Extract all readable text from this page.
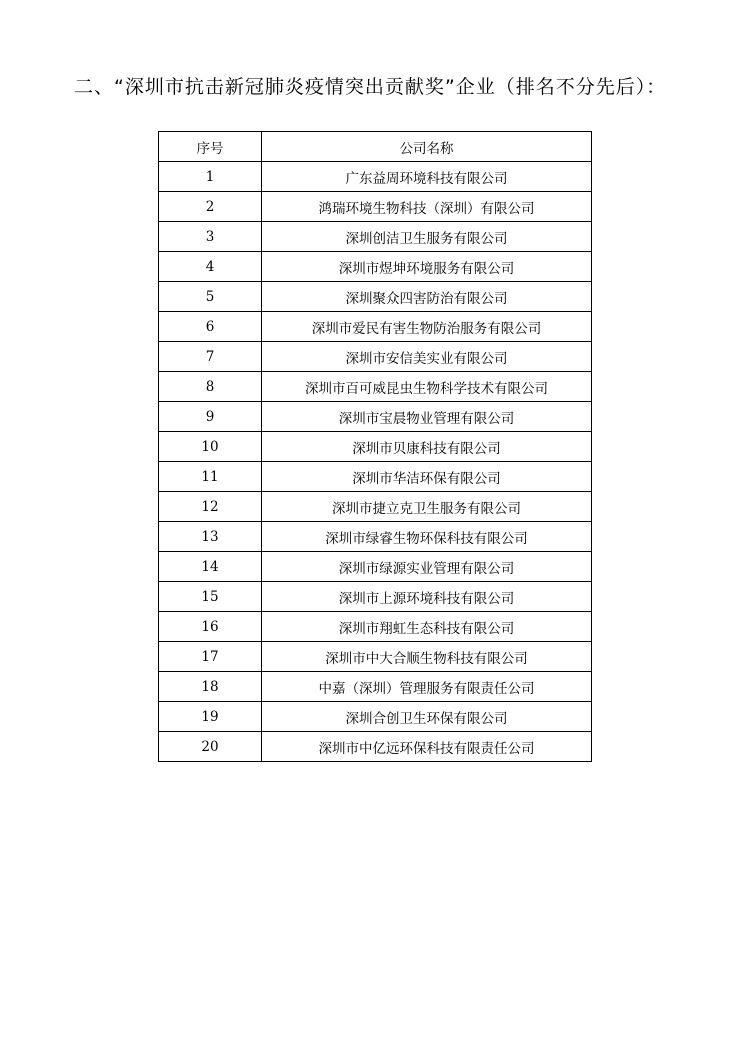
二、“深圳市抗击新冠肺炎疫情突出贡献奖”企业（排名不分先后）：
序号	公司名称
1	广东益周环境科技有限公司
2	鸿瑞环境生物科技（深圳）有限公司
3	深圳创洁卫生服务有限公司
4	深圳市煜坤环境服务有限公司
5	深圳聚众四害防治有限公司
6	深圳市爱民有害生物防治服务有限公司
7	深圳市安信美实业有限公司
8	深圳市百可威昆虫生物科学技术有限公司
9	深圳市宝晨物业管理有限公司
10	深圳市贝康科技有限公司
11	深圳市华洁环保有限公司
12	深圳市捷立克卫生服务有限公司
13	深圳市绿睿生物环保科技有限公司
14	深圳市绿源实业管理有限公司
15	深圳市上源环境科技有限公司
16	深圳市翔虹生态科技有限公司
17	深圳市中大合顺生物科技有限公司
18	中嘉（深圳）管理服务有限责任公司
19	深圳合创卫生环保有限公司
20	深圳市中亿远环保科技有限责任公司
